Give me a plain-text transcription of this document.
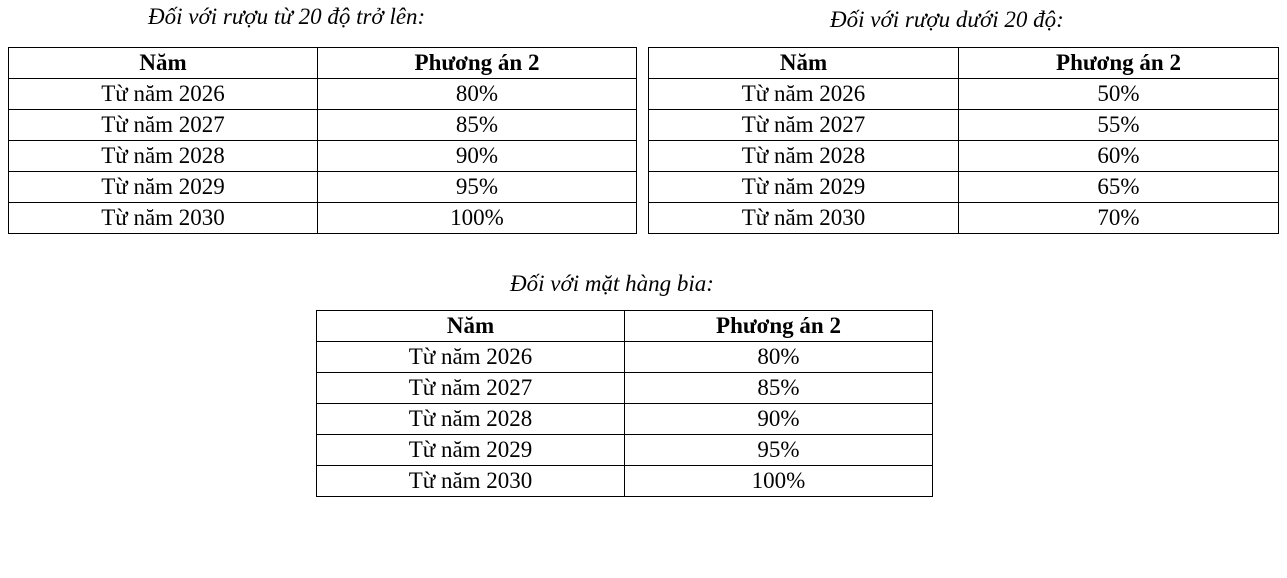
Đối với rượu từ 20 độ trở lên:
Năm	Phương án 2
Từ năm 2026	80%
Từ năm 2027	85%
Từ năm 2028	90%
Từ năm 2029	95%
Từ năm 2030	100%
Đối với rượu dưới 20 độ:
Năm	Phương án 2
Từ năm 2026	50%
Từ năm 2027	55%
Từ năm 2028	60%
Từ năm 2029	65%
Từ năm 2030	70%
Đối với mặt hàng bia:
Năm	Phương án 2
Từ năm 2026	80%
Từ năm 2027	85%
Từ năm 2028	90%
Từ năm 2029	95%
Từ năm 2030	100%
